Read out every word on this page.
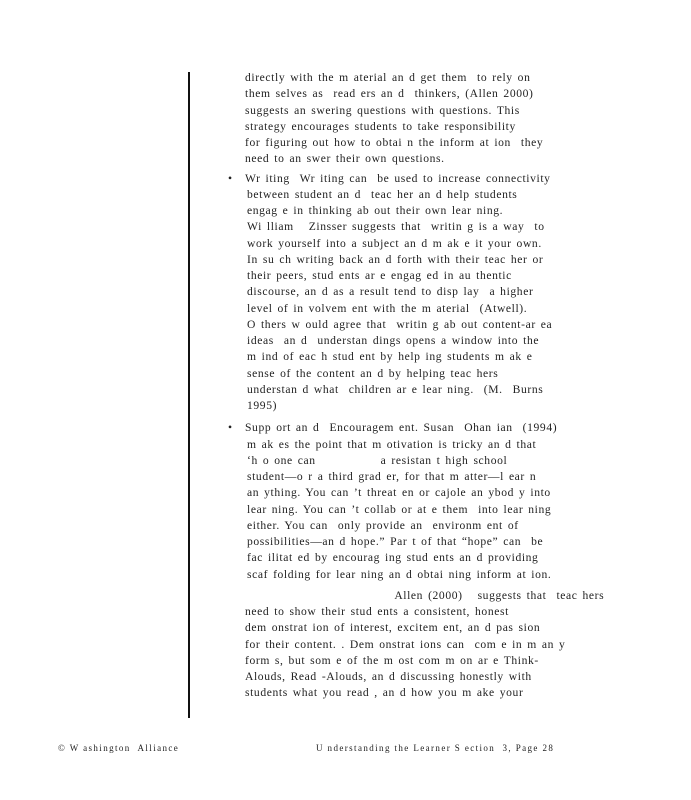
directly with the m aterial an d get them  to rely on

them selves as  read ers an d  thinkers, (Allen 2000)

suggests an swering questions with questions. This

strategy encourages students to take responsibility

for figuring out how to obtai n the inform at ion  they

need to an swer their own questions.

•	Wr iting  Wr iting can  be used to increase connectivity

between student an d  teac her an d help students

engag e in thinking ab out their own lear ning.

Wi lliam   Zinsser suggests that  writin g is a way  to

work yourself into a subject an d m ak e it your own.

In su ch writing back an d forth with their teac her or

their peers, stud ents ar e engag ed in au thentic

discourse, an d as a result tend to disp lay  a higher

level of in volvem ent with the m aterial  (Atwell).

O thers w ould agree that  writin g ab out content-ar ea

ideas  an d  understan dings opens a window into the

m ind of eac h stud ent by help ing students m ak e

sense of the content an d by helping teac hers

understan d what  children ar e lear ning.  (M.  Burns

1995)

•	Supp ort an d  Encouragem ent. Susan  Ohan ian  (1994)

m ak es the point that m otivation is tricky an d that

‘h o one can             a resistan t high school

student—o r a third grad er, for that m atter—l ear n

an ything. You can ’t threat en or cajole an ybod y into

lear ning. You can ’t collab or at e them  into lear ning

either. You can  only provide an  environm ent of

possibilities—an d hope.” Par t of that “hope” can  be

fac ilitat ed by encourag ing stud ents an d providing

scaf folding for lear ning an d obtai ning inform at ion.

Allen (2000)   suggests that  teac hers

need to show their stud ents a consistent, honest

dem onstrat ion of interest, excitem ent, an d pas sion

for their content. . Dem onstrat ions can  com e in m an y

form s, but som e of the m ost com m on ar e Think-

Alouds, Read -Alouds, an d discussing honestly with

students what you read , an d how you m ake your

© W ashington  Alliance	U nderstanding the Learner S ection  3, Page 28
